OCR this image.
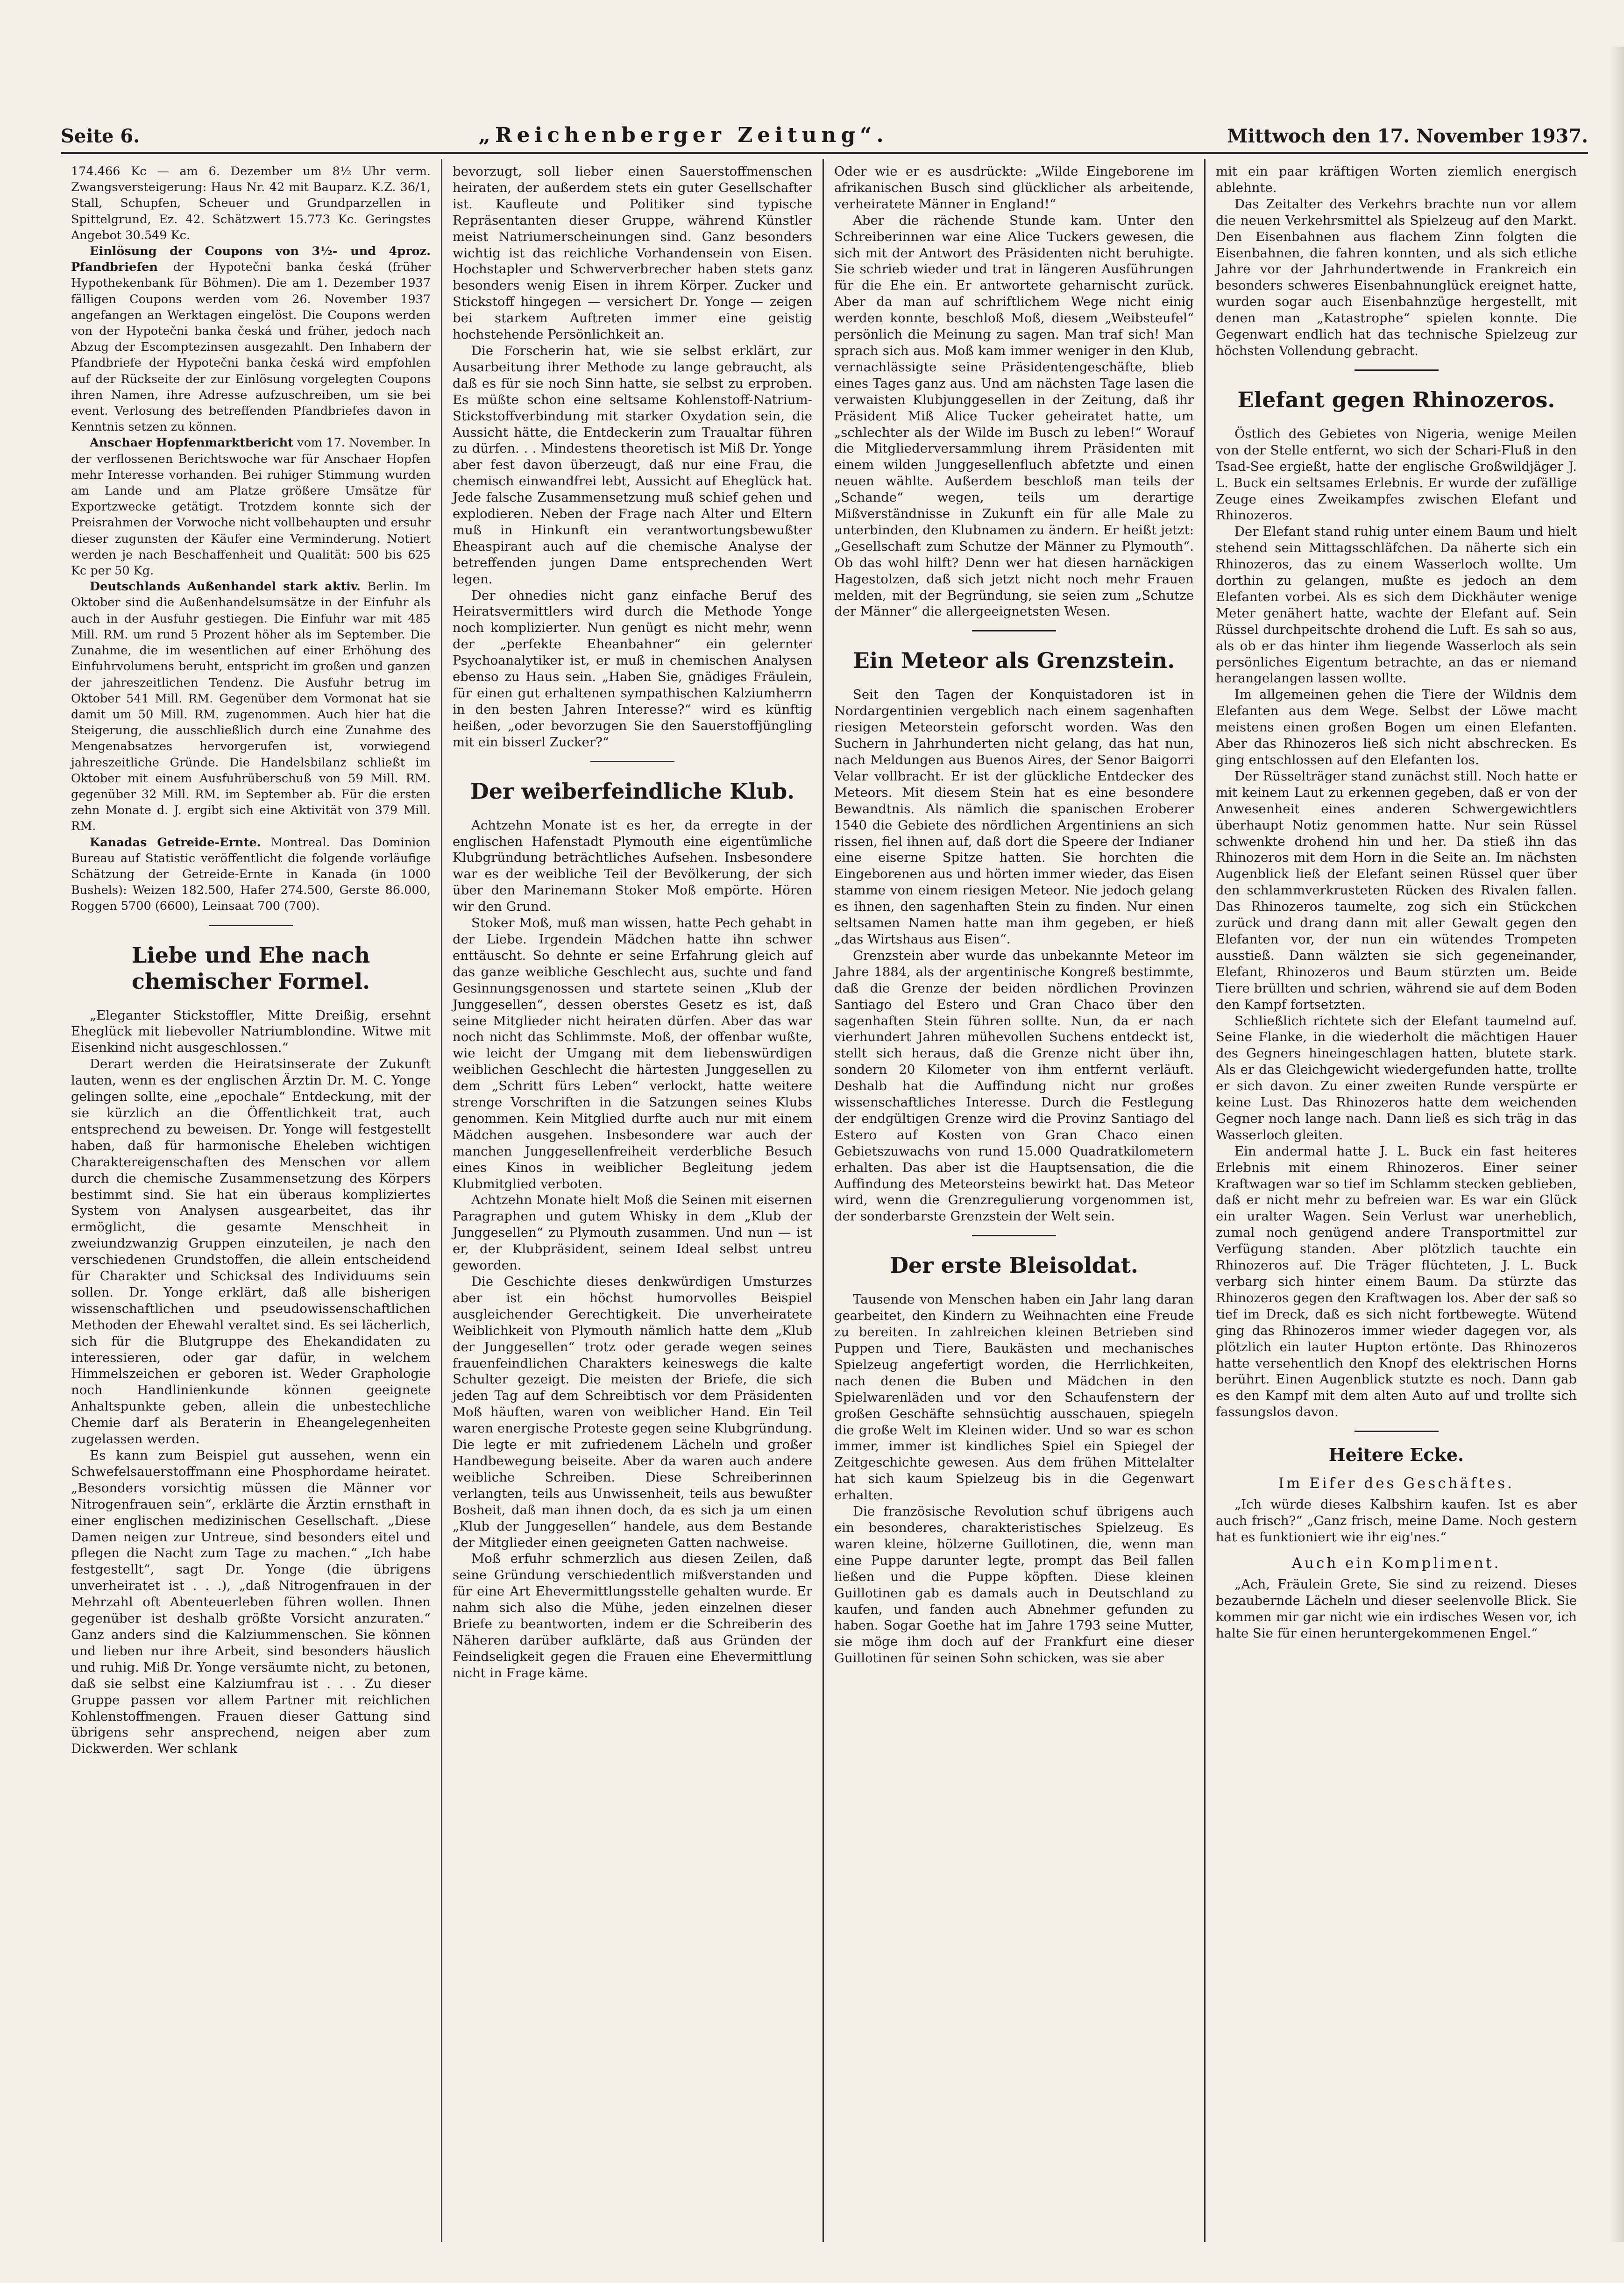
Seite 6.	„Reichenberger Zeitung“.	Mittwoch den 17. November 1937.

174.466 Kc — am 6. Dezember um 8½ Uhr verm. Zwangsversteigerung: Haus Nr. 42 mit Bauparz. K.Z. 36/1, Stall, Schupfen, Scheuer und Grundparzellen in Spittelgrund, Ez. 42. Schätzwert 15.773 Kc. Geringstes Angebot 30.549 Kc.

Einlösung der Coupons von 3½- und 4proz. Pfandbriefen der Hypotečni banka česká (früher Hypothekenbank für Böhmen). Die am 1. Dezember 1937 fälligen Coupons werden vom 26. November 1937 angefangen an Werktagen eingelöst. Die Coupons werden von der Hypotečni banka česká und früher, jedoch nach Abzug der Escomptezinsen ausgezahlt. Den Inhabern der Pfandbriefe der Hypotečni banka česká wird empfohlen auf der Rückseite der zur Einlösung vorgelegten Coupons ihren Namen, ihre Adresse aufzuschreiben, um sie bei event. Verlosung des betreffenden Pfandbriefes davon in Kenntnis setzen zu können.

Anschaer Hopfenmarktbericht vom 17. November. In der verflossenen Berichtswoche war für Anschaer Hopfen mehr Interesse vorhanden. Bei ruhiger Stimmung wurden am Lande und am Platze größere Umsätze für Exportzwecke getätigt. Trotzdem konnte sich der Preisrahmen der Vorwoche nicht vollbehaupten und ersuhr dieser zugunsten der Käufer eine Verminderung. Notiert werden je nach Beschaffenheit und Qualität: 500 bis 625 Kc per 50 Kg.

Deutschlands Außenhandel stark aktiv. Berlin. Im Oktober sind die Außenhandelsumsätze in der Einfuhr als auch in der Ausfuhr gestiegen. Die Einfuhr war mit 485 Mill. RM. um rund 5 Prozent höher als im September. Die Zunahme, die im wesentlichen auf einer Erhöhung des Einfuhrvolumens beruht, entspricht im großen und ganzen der jahreszeitlichen Tendenz. Die Ausfuhr betrug im Oktober 541 Mill. RM. Gegenüber dem Vormonat hat sie damit um 50 Mill. RM. zugenommen. Auch hier hat die Steigerung, die ausschließlich durch eine Zunahme des Mengenabsatzes hervorgerufen ist, vorwiegend jahreszeitliche Gründe. Die Handelsbilanz schließt im Oktober mit einem Ausfuhrüberschuß von 59 Mill. RM. gegenüber 32 Mill. RM. im September ab. Für die ersten zehn Monate d. J. ergibt sich eine Aktivität von 379 Mill. RM.

Kanadas Getreide-Ernte. Montreal. Das Dominion Bureau auf Statistic veröffentlicht die folgende vorläufige Schätzung der Getreide-Ernte in Kanada (in 1000 Bushels): Weizen 182.500, Hafer 274.500, Gerste 86.000, Roggen 5700 (6600), Leinsaat 700 (700).

Liebe und Ehe nach chemischer Formel.

„Eleganter Stickstoffler, Mitte Dreißig, ersehnt Ehеglück mit liebevoller Natriumblondine. Witwe mit Eisenkind nicht ausgeschlossen.“

Derart werden die Heiratsinserate der Zukunft lauten, wenn es der englischen Ärztin Dr. M. C. Yonge gelingen sollte, eine „epochale“ Entdeckung, mit der sie kürzlich an die Öffentlichkeit trat, auch entsprechend zu beweisen. Dr. Yonge will festgestellt haben, daß für harmonische Eheleben wichtigen Charaktereigenschaften des Menschen vor allem durch die chemische Zusammensetzung des Körpers bestimmt sind. Sie hat ein überaus kompliziertes System von Analysen ausgearbeitet, das ihr ermöglicht, die gesamte Menschheit in zweiundzwanzig Gruppen einzuteilen, je nach den verschiedenen Grundstoffen, die allein entscheidend für Charakter und Schicksal des Individuums sein sollen. Dr. Yonge erklärt, daß alle bisherigen wissenschaftlichen und pseudowissenschaftlichen Methoden der Ehewahl veraltet sind. Es sei lächerlich, sich für die Blutgruppe des Ehekandidaten zu interessieren, oder gar dafür, in welchem Himmelszeichen er geboren ist. Weder Graphologie noch Handlinienkunde können geeignete Anhaltspunkte geben, allein die unbestechliche Chemie darf als Beraterin in Eheangelegenheiten zugelassen werden.

Es kann zum Beispiel gut aussehen, wenn ein Schwefelsauerstoffmann eine Phosphordame heiratet. „Besonders vorsichtig müssen die Männer vor Nitrogenfrauen sein“, erklärte die Ärztin ernsthaft in einer englischen medizinischen Gesellschaft. „Diese Damen neigen zur Untreue, sind besonders eitel und pflegen die Nacht zum Tage zu machen.“ „Ich habe festgestellt“, sagt Dr. Yonge (die übrigens unverheiratet ist . . .), „daß Nitrogenfrauen in der Mehrzahl oft Abenteuerleben führen wollen. Ihnen gegenüber ist deshalb größte Vorsicht anzuraten.“ Ganz anders sind die Kalziummenschen. Sie können und lieben nur ihre Arbeit, sind besonders häuslich und ruhig. Miß Dr. Yonge versäumte nicht, zu betonen, daß sie selbst eine Kalziumfrau ist . . . Zu dieser Gruppe passen vor allem Partner mit reichlichen Kohlenstoffmengen. Frauen dieser Gattung sind übrigens sehr ansprechend, neigen aber zum Dickwerden. Wer schlank

bevorzugt, soll lieber einen Sauerstoffmenschen heiraten, der außerdem stets ein guter Gesellschafter ist. Kaufleute und Politiker sind typische Repräsentanten dieser Gruppe, während Künstler meist Natriumerscheinungen sind. Ganz besonders wichtig ist das reichliche Vorhandensein von Eisen. Hochstapler und Schwerverbrecher haben stets ganz besonders wenig Eisen in ihrem Körper. Zucker und Stickstoff hingegen — versichert Dr. Yonge — zeigen bei starkem Auftreten immer eine geistig hochstehende Persönlichkeit an.

Die Forscherin hat, wie sie selbst erklärt, zur Ausarbeitung ihrer Methode zu lange gebraucht, als daß es für sie noch Sinn hatte, sie selbst zu erproben. Es müßte schon eine seltsame Kohlenstoff-Natrium-Stickstoffverbindung mit starker Oxydation sein, die Aussicht hätte, die Entdeckerin zum Traualtar führen zu dürfen. . . Mindestens theoretisch ist Miß Dr. Yonge aber fest davon überzeugt, daß nur eine Frau, die chemisch einwandfrei lebt, Aussicht auf Eheglück hat. Jede falsche Zusammensetzung muß schief gehen und explodieren. Neben der Frage nach Alter und Eltern muß in Hinkunft ein verantwortungsbewußter Ehеaspirant auch auf die chemische Analyse der betreffenden jungen Dame entsprechenden Wert legen.

Der ohnedies nicht ganz einfache Beruf des Heiratsvermittlers wird durch die Methode Yonge noch komplizierter. Nun genügt es nicht mehr, wenn der „perfekte Eheanbahner“ ein gelernter Psychoanalytiker ist, er muß in chemischen Analysen ebenso zu Haus sein. „Haben Sie, gnädiges Fräulein, für einen gut erhaltenen sympathischen Kalziumherrn in den besten Jahren Interesse?“ wird es künftig heißen, „oder bevorzugen Sie den Sauerstoffjüngling mit ein bisserl Zucker?“

Der weiberfeindliche Klub.

Achtzehn Monate ist es her, da erregte in der englischen Hafenstadt Plymouth eine eigentümliche Klubgründung beträchtliches Aufsehen. Insbesondere war es der weibliche Teil der Bevölkerung, der sich über den Marinemann Stoker Moß empörte. Hören wir den Grund.

Stoker Moß, muß man wissen, hatte Pech gehabt in der Liebe. Irgendein Mädchen hatte ihn schwer enttäuscht. So dehnte er seine Erfahrung gleich auf das ganze weibliche Geschlecht aus, suchte und fand Gesinnungsgenossen und startete seinen „Klub der Junggesellen“, dessen oberstes Gesetz es ist, daß seine Mitglieder nicht heiraten dürfen. Aber das war noch nicht das Schlimmste. Moß, der offenbar wußte, wie leicht der Umgang mit dem liebenswürdigen weiblichen Geschlecht die härtesten Junggesellen zu dem „Schritt fürs Leben“ verlockt, hatte weitere strenge Vorschriften in die Satzungen seines Klubs genommen. Kein Mitglied durfte auch nur mit einem Mädchen ausgehen. Insbesondere war auch der manchen Junggesellenfreiheit verderbliche Besuch eines Kinos in weiblicher Begleitung jedem Klubmitglied verboten.

Achtzehn Monate hielt Moß die Seinen mit eisernen Paragraphen und gutem Whisky in dem „Klub der Junggesellen“ zu Plymouth zusammen. Und nun — ist er, der Klubpräsident, seinem Ideal selbst untreu geworden.

Die Geschichte dieses denkwürdigen Umsturzes aber ist ein höchst humorvolles Beispiel ausgleichender Gerechtigkeit. Die unverheiratete Weiblichkeit von Plymouth nämlich hatte dem „Klub der Junggesellen“ trotz oder gerade wegen seines frauenfeindlichen Charakters keineswegs die kalte Schulter gezeigt. Die meisten der Briefe, die sich jeden Tag auf dem Schreibtisch vor dem Präsidenten Moß häuften, waren von weiblicher Hand. Ein Teil waren energische Proteste gegen seine Klubgründung. Die legte er mit zufriedenem Lächeln und großer Handbewegung beiseite. Aber da waren auch andere weibliche Schreiben. Diese Schreiberinnen verlangten, teils aus Unwissenheit, teils aus bewußter Bosheit, daß man ihnen doch, da es sich ja um einen „Klub der Junggesellen“ handele, aus dem Bestande der Mitglieder einen geeigneten Gatten nachweise.

Moß erfuhr schmerzlich aus diesen Zeilen, daß seine Gründung verschiedentlich mißverstanden und für eine Art Ehevermittlungsstelle gehalten wurde. Er nahm sich also die Mühe, jeden einzelnen dieser Briefe zu beantworten, indem er die Schreiberin des Näheren darüber aufklärte, daß aus Gründen der Feindseligkeit gegen die Frauen eine Ehevermittlung nicht in Frage käme.

Oder wie er es ausdrückte: „Wilde Eingeborene im afrikanischen Busch sind glücklicher als arbeitende, verheiratete Männer in England!“

Aber die rächende Stunde kam. Unter den Schreiberinnen war eine Alice Tuckers gewesen, die sich mit der Antwort des Präsidenten nicht beruhigte. Sie schrieb wieder und trat in längeren Ausführungen für die Ehe ein. Er antwortete geharnischt zurück. Aber da man auf schriftlichem Wege nicht einig werden konnte, beschloß Moß, diesem „Weibsteufel“ persönlich die Meinung zu sagen. Man traf sich! Man sprach sich aus. Moß kam immer weniger in den Klub, vernachlässigte seine Präsidentengeschäfte, blieb eines Tages ganz aus. Und am nächsten Tage lasen die verwaisten Klubjunggesellen in der Zeitung, daß ihr Präsident Miß Alice Tucker geheiratet hatte, um „schlechter als der Wilde im Busch zu leben!“ Worauf die Mitgliederversammlung ihrem Präsidenten mit einem wilden Junggesellenfluch abfetzte und einen neuen wählte. Außerdem beschloß man teils der „Schande“ wegen, teils um derartige Mißverständnisse in Zukunft ein für alle Male zu unterbinden, den Klubnamen zu ändern. Er heißt jetzt: „Gesellschaft zum Schutze der Männer zu Plymouth“. Ob das wohl hilft? Denn wer hat diesen harnäckigen Hagestolzen, daß sich jetzt nicht noch mehr Frauen melden, mit der Begründung, sie seien zum „Schutze der Männer“ die allergeeignetsten Wesen.

Ein Meteor als Grenzstein.

Seit den Tagen der Konquistadoren ist in Nordargentinien vergeblich nach einem sagenhaften riesigen Meteorstein geforscht worden. Was den Suchern in Jahrhunderten nicht gelang, das hat nun, nach Meldungen aus Buenos Aires, der Senor Baigorri Velar vollbracht. Er ist der glückliche Entdecker des Meteors. Mit diesem Stein hat es eine besondere Bewandtnis. Als nämlich die spanischen Eroberer 1540 die Gebiete des nördlichen Argentiniens an sich rissen, fiel ihnen auf, daß dort die Speere der Indianer eine eiserne Spitze hatten. Sie horchten die Eingeborenen aus und hörten immer wieder, das Eisen stamme von einem riesigen Meteor. Nie jedoch gelang es ihnen, den sagenhaften Stein zu finden. Nur einen seltsamen Namen hatte man ihm gegeben, er hieß „das Wirtshaus aus Eisen“.

Grenzstein aber wurde das unbekannte Meteor im Jahre 1884, als der argentinische Kongreß bestimmte, daß die Grenze der beiden nördlichen Provinzen Santiago del Estero und Gran Chaco über den sagenhaften Stein führen sollte. Nun, da er nach vierhundert Jahren mühevollen Suchens entdeckt ist, stellt sich heraus, daß die Grenze nicht über ihn, sondern 20 Kilometer von ihm entfernt verläuft. Deshalb hat die Auffindung nicht nur großes wissenschaftliches Interesse. Durch die Festlegung der endgültigen Grenze wird die Provinz Santiago del Estero auf Kosten von Gran Chaco einen Gebietszuwachs von rund 15.000 Quadratkilometern erhalten. Das aber ist die Hauptsensation, die die Auffindung des Meteorsteins bewirkt hat. Das Meteor wird, wenn die Grenzregulierung vorgenommen ist, der sonderbarste Grenzstein der Welt sein.

Der erste Bleisoldat.

Tausende von Menschen haben ein Jahr lang daran gearbeitet, den Kindern zu Weihnachten eine Freude zu bereiten. In zahlreichen kleinen Betrieben sind Puppen und Tiere, Baukästen und mechanisches Spielzeug angefertigt worden, die Herrlichkeiten, nach denen die Buben und Mädchen in den Spielwarenläden und vor den Schaufenstern der großen Geschäfte sehnsüchtig ausschauen, spiegeln die große Welt im Kleinen wider. Und so war es schon immer, immer ist kindliches Spiel ein Spiegel der Zeitgeschichte gewesen. Aus dem frühen Mittelalter hat sich kaum Spielzeug bis in die Gegenwart erhalten.

Die französische Revolution schuf übrigens auch ein besonderes, charakteristisches Spielzeug. Es waren kleine, hölzerne Guillotinen, die, wenn man eine Puppe darunter legte, prompt das Beil fallen ließen und die Puppe köpften. Diese kleinen Guillotinen gab es damals auch in Deutschland zu kaufen, und fanden auch Abnehmer gefunden zu haben. Sogar Goethe hat im Jahre 1793 seine Mutter, sie möge ihm doch auf der Frankfurt eine dieser Guillotinen für seinen Sohn schicken, was sie aber

mit ein paar kräftigen Worten ziemlich energisch ablehnte.

Das Zeitalter des Verkehrs brachte nun vor allem die neuen Verkehrsmittel als Spielzeug auf den Markt. Den Eisenbahnen aus flachem Zinn folgten die Eisenbahnen, die fahren konnten, und als sich etliche Jahre vor der Jahrhundertwende in Frankreich ein besonders schweres Eisenbahnunglück ereignet hatte, wurden sogar auch Eisenbahnzüge hergestellt, mit denen man „Katastrophe“ spielen konnte. Die Gegenwart endlich hat das technische Spielzeug zur höchsten Vollendung gebracht.

Elefant gegen Rhinozeros.

Östlich des Gebietes von Nigeria, wenige Meilen von der Stelle entfernt, wo sich der Schari-Fluß in den Tsad-See ergießt, hatte der englische Großwildjäger J. L. Buck ein seltsames Erlebnis. Er wurde der zufällige Zeuge eines Zweikampfes zwischen Elefant und Rhinozeros.

Der Elefant stand ruhig unter einem Baum und hielt stehend sein Mittagsschläfchen. Da näherte sich ein Rhinozeros, das zu einem Wasserloch wollte. Um dorthin zu gelangen, mußte es jedoch an dem Elefanten vorbei. Als es sich dem Dickhäuter wenige Meter genähert hatte, wachte der Elefant auf. Sein Rüssel durchpeitschte drohend die Luft. Es sah so aus, als ob er das hinter ihm liegende Wasserloch als sein persönliches Eigentum betrachte, an das er niemand herangelangen lassen wollte.

Im allgemeinen gehen die Tiere der Wildnis dem Elefanten aus dem Wege. Selbst der Löwe macht meistens einen großen Bogen um einen Elefanten. Aber das Rhinozeros ließ sich nicht abschrecken. Es ging entschlossen auf den Elefanten los.

Der Rüsselträger stand zunächst still. Noch hatte er mit keinem Laut zu erkennen gegeben, daß er von der Anwesenheit eines anderen Schwergewichtlers überhaupt Notiz genommen hatte. Nur sein Rüssel schwenkte drohend hin und her. Da stieß ihn das Rhinozeros mit dem Horn in die Seite an. Im nächsten Augenblick ließ der Elefant seinen Rüssel quer über den schlammverkrusteten Rücken des Rivalen fallen. Das Rhinozeros taumelte, zog sich ein Stückchen zurück und drang dann mit aller Gewalt gegen den Elefanten vor, der nun ein wütendes Trompeten ausstieß. Dann wälzten sie sich gegeneinander, Elefant, Rhinozeros und Baum stürzten um. Beide Tiere brüllten und schrien, während sie auf dem Boden den Kampf fortsetzten.

Schließlich richtete sich der Elefant taumelnd auf. Seine Flanke, in die wiederholt die mächtigen Hauer des Gegners hineingeschlagen hatten, blutete stark. Als er das Gleichgewicht wiedergefunden hatte, trollte er sich davon. Zu einer zweiten Runde verspürte er keine Lust. Das Rhinozeros hatte dem weichenden Gegner noch lange nach. Dann ließ es sich träg in das Wasserloch gleiten.

Ein andermal hatte J. L. Buck ein fast heiteres Erlebnis mit einem Rhinozeros. Einer seiner Kraftwagen war so tief im Schlamm stecken geblieben, daß er nicht mehr zu befreien war. Es war ein Glück ein uralter Wagen. Sein Verlust war unerheblich, zumal noch genügend andere Transportmittel zur Verfügung standen. Aber plötzlich tauchte ein Rhinozeros auf. Die Träger flüchteten, J. L. Buck verbarg sich hinter einem Baum. Da stürzte das Rhinozeros gegen den Kraftwagen los. Aber der saß so tief im Dreck, daß es sich nicht fortbewegte. Wütend ging das Rhinozeros immer wieder dagegen vor, als plötzlich ein lauter Hupton ertönte. Das Rhinozeros hatte versehentlich den Knopf des elektrischen Horns berührt. Einen Augenblick stutzte es noch. Dann gab es den Kampf mit dem alten Auto auf und trollte sich fassungslos davon.

Heitere Ecke.
Im Eifer des Geschäftes.

„Ich würde dieses Kalbshirn kaufen. Ist es aber auch frisch?“ „Ganz frisch, meine Dame. Noch gestern hat es funktioniert wie ihr eig'nes.“

Auch ein Kompliment.

„Ach, Fräulein Grete, Sie sind zu reizend. Dieses bezaubernde Lächeln und dieser seelenvolle Blick. Sie kommen mir gar nicht wie ein irdisches Wesen vor, ich halte Sie für einen heruntergekommenen Engel.“
